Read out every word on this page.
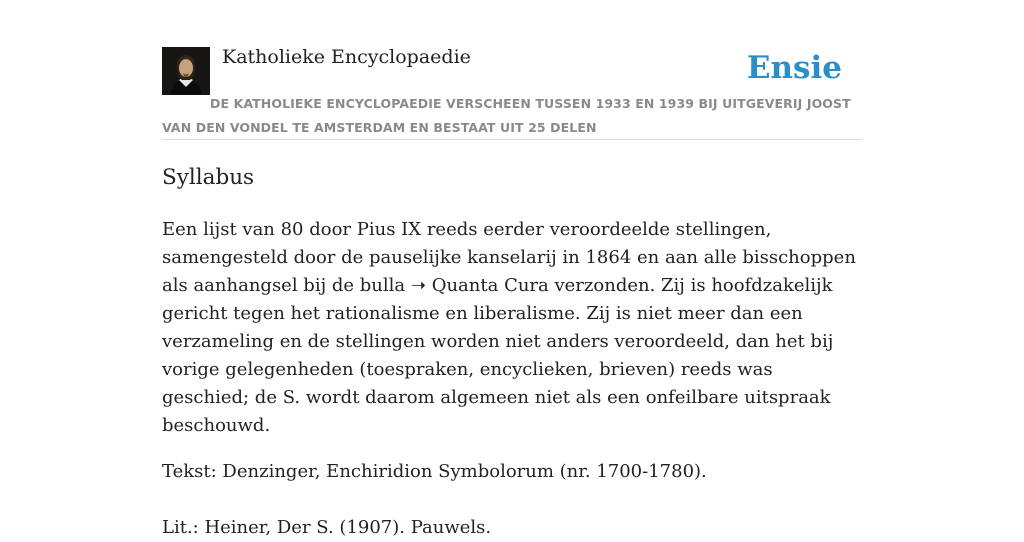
Katholieke Encyclopaedie	Ensie
DE KATHOLIEKE ENCYCLOPAEDIE VERSCHEEN TUSSEN 1933 EN 1939 BIJ UITGEVERIJ JOOST VAN DEN VONDEL TE AMSTERDAM EN BESTAAT UIT 25 DELEN
Syllabus

Een lijst van 80 door Pius IX reeds eerder veroordeelde stellingen, samengesteld door de pauselijke kanselarij in 1864 en aan alle bisschoppen als aanhangsel bij de bulla ➝ Quanta Cura verzonden. Zij is hoofdzakelijk gericht tegen het rationalisme en liberalisme. Zij is niet meer dan een verzameling en de stellingen worden niet anders veroordeeld, dan het bij vorige gelegenheden (toespraken, encyclieken, brieven) reeds was geschied; de S. wordt daarom algemeen niet als een onfeilbare uitspraak beschouwd.

Tekst: Denzinger, Enchiridion Symbolorum (nr. 1700-1780).

Lit.: Heiner, Der S. (1907). Pauwels.
